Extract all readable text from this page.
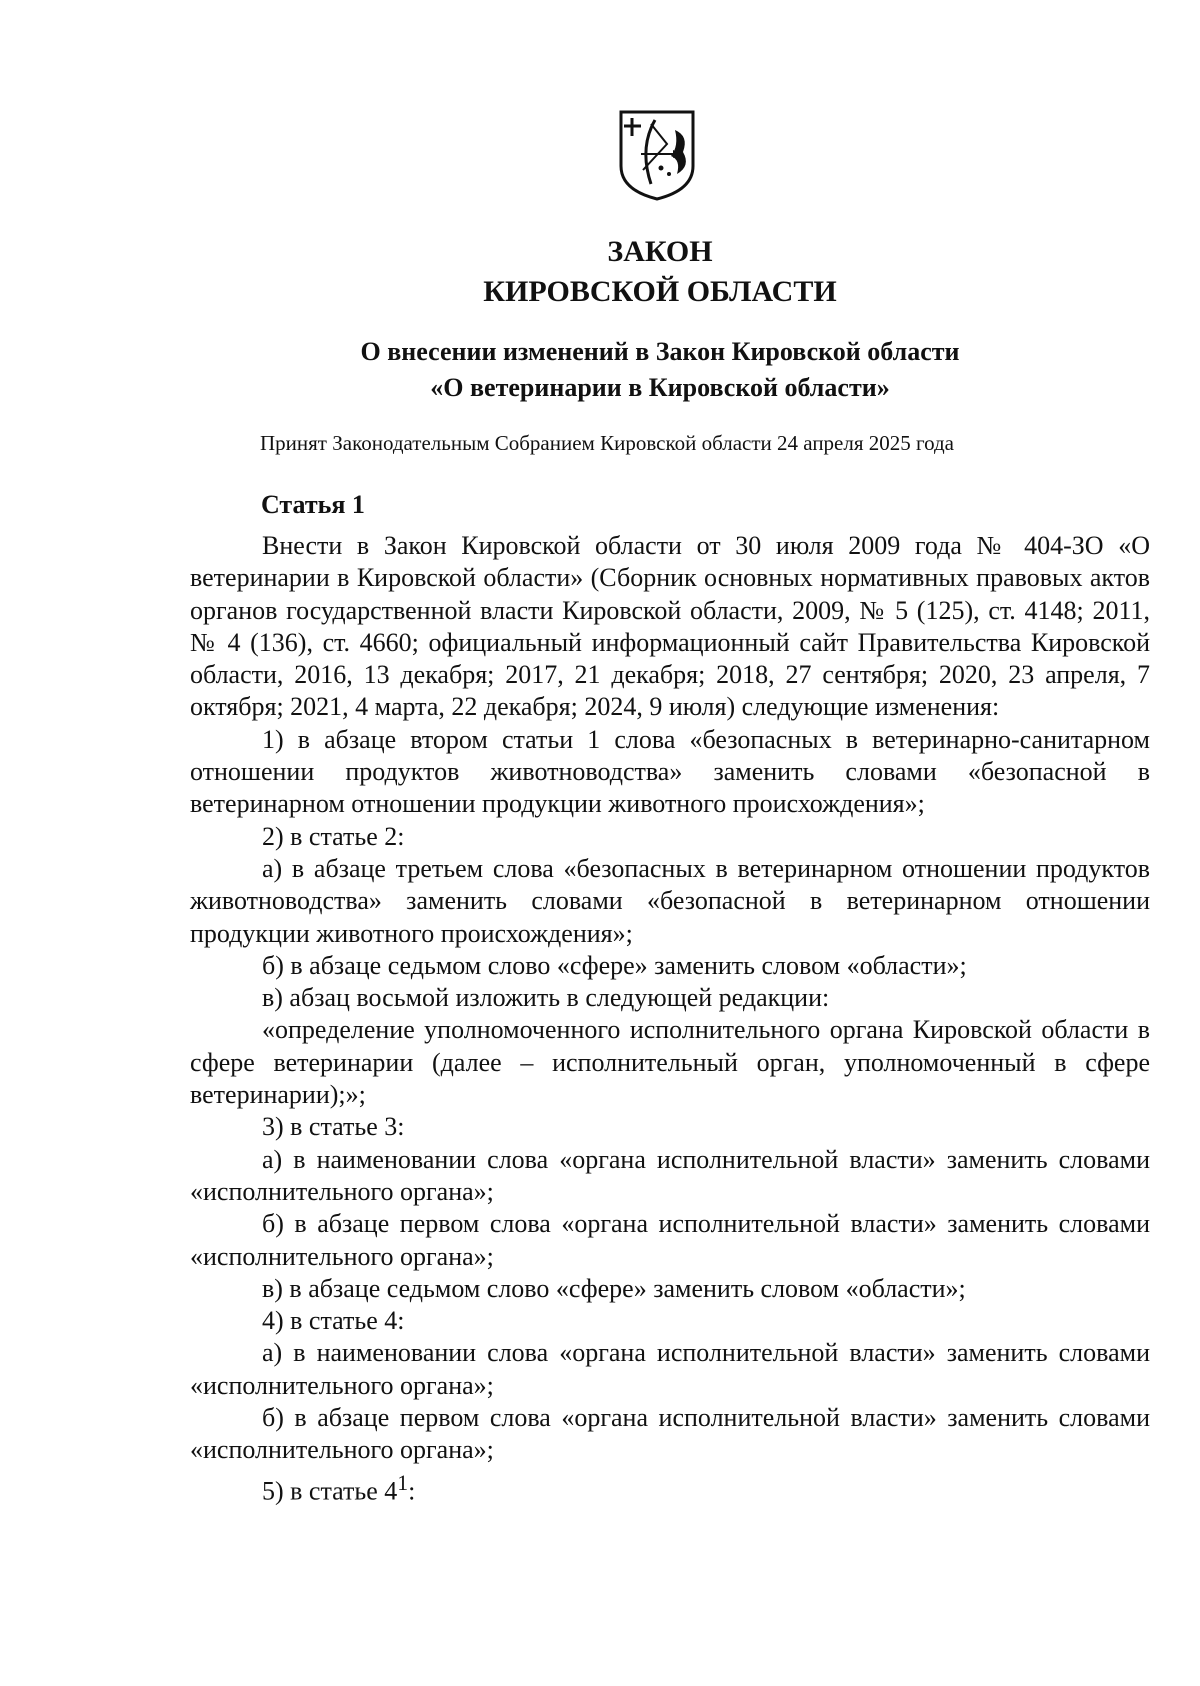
ЗАКОН
КИРОВСКОЙ ОБЛАСТИ
О внесении изменений в Закон Кировской области
«О ветеринарии в Кировской области»
Принят Законодательным Собранием Кировской области 24 апреля 2025 года
Статья 1

Внести в Закон Кировской области от 30 июля 2009 года № 404-ЗО «О ветеринарии в Кировской области» (Сборник основных нормативных правовых актов органов государственной власти Кировской области, 2009, № 5 (125), ст. 4148; 2011, № 4 (136), ст. 4660; официальный информационный сайт Правительства Кировской области, 2016, 13 декабря; 2017, 21 декабря; 2018, 27 сентября; 2020, 23 апреля, 7 октября; 2021, 4 марта, 22 декабря; 2024, 9 июля) следующие изменения:

1) в абзаце втором статьи 1 слова «безопасных в ветеринарно-санитарном отношении продуктов животноводства» заменить словами «безопасной в ветеринарном отношении продукции животного происхождения»;

2) в статье 2:

а) в абзаце третьем слова «безопасных в ветеринарном отношении продуктов животноводства» заменить словами «безопасной в ветеринарном отношении продукции животного происхождения»;

б) в абзаце седьмом слово «сфере» заменить словом «области»;

в) абзац восьмой изложить в следующей редакции:

«определение уполномоченного исполнительного органа Кировской области в сфере ветеринарии (далее – исполнительный орган, уполномоченный в сфере ветеринарии);»;

3) в статье 3:

а) в наименовании слова «органа исполнительной власти» заменить словами «исполнительного органа»;

б) в абзаце первом слова «органа исполнительной власти» заменить словами «исполнительного органа»;

в) в абзаце седьмом слово «сфере» заменить словом «области»;

4) в статье 4:

а) в наименовании слова «органа исполнительной власти» заменить словами «исполнительного органа»;

б) в абзаце первом слова «органа исполнительной власти» заменить словами «исполнительного органа»;

5) в статье $4^1$:
